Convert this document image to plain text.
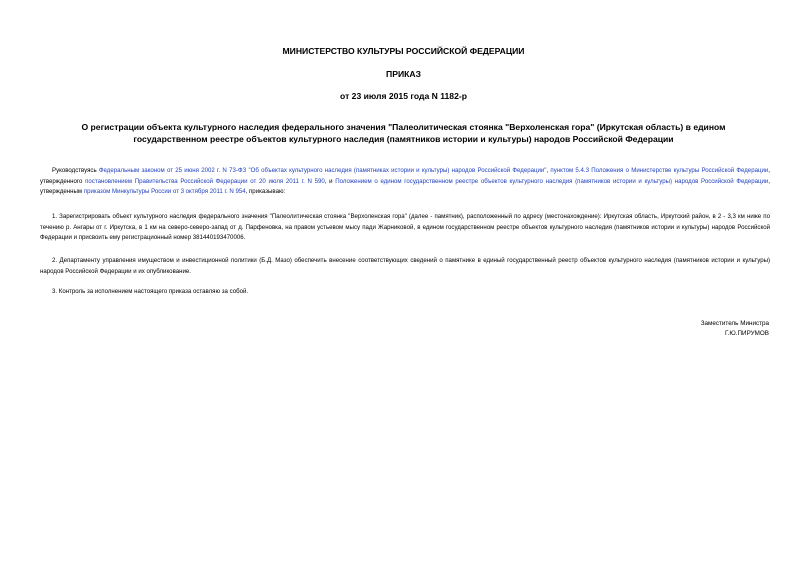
МИНИСТЕРСТВО КУЛЬТУРЫ РОССИЙСКОЙ ФЕДЕРАЦИИ
ПРИКАЗ
от 23 июля 2015 года N 1182-р
О регистрации объекта культурного наследия федерального значения "Палеолитическая стоянка "Верхоленская гора" (Иркутская область) в едином государственном реестре объектов культурного наследия (памятников истории и культуры) народов Российской Федерации

Руководствуясь Федеральным законом от 25 июня 2002 г. N 73-ФЗ "Об объектах культурного наследия (памятниках истории и культуры) народов Российской Федерации", пунктом 5.4.3 Положения о Министерстве культуры Российской Федерации, утвержденного постановлением Правительства Российской Федерации от 20 июля 2011 г. N 590, и Положением о едином государственном реестре объектов культурного наследия (памятников истории и культуры) народов Российской Федерации, утвержденным приказом Минкультуры России от 3 октября 2011 г. N 954, приказываю:

1. Зарегистрировать объект культурного наследия федерального значения "Палеолитическая стоянка "Верхоленская гора" (далее - памятник), расположенный по адресу (местонахождение): Иркутская область, Иркутский район, в 2 - 3,3 км ниже по течению р. Ангары от г. Иркутска, в 1 км на северо-северо-запад от д. Парфеновка, на правом устьевом мысу пади Жарниковой, в едином государственном реестре объектов культурного наследия (памятников истории и культуры) народов Российской Федерации и присвоить ему регистрационный номер 381440193470006.

2. Департаменту управления имуществом и инвестиционной политики (Б.Д. Мазо) обеспечить внесение соответствующих сведений о памятнике в единый государственный реестр объектов культурного наследия (памятников истории и культуры) народов Российской Федерации и их опубликование.

3. Контроль за исполнением настоящего приказа оставляю за собой.

Заместитель Министра
Г.Ю.ПИРУМОВ
